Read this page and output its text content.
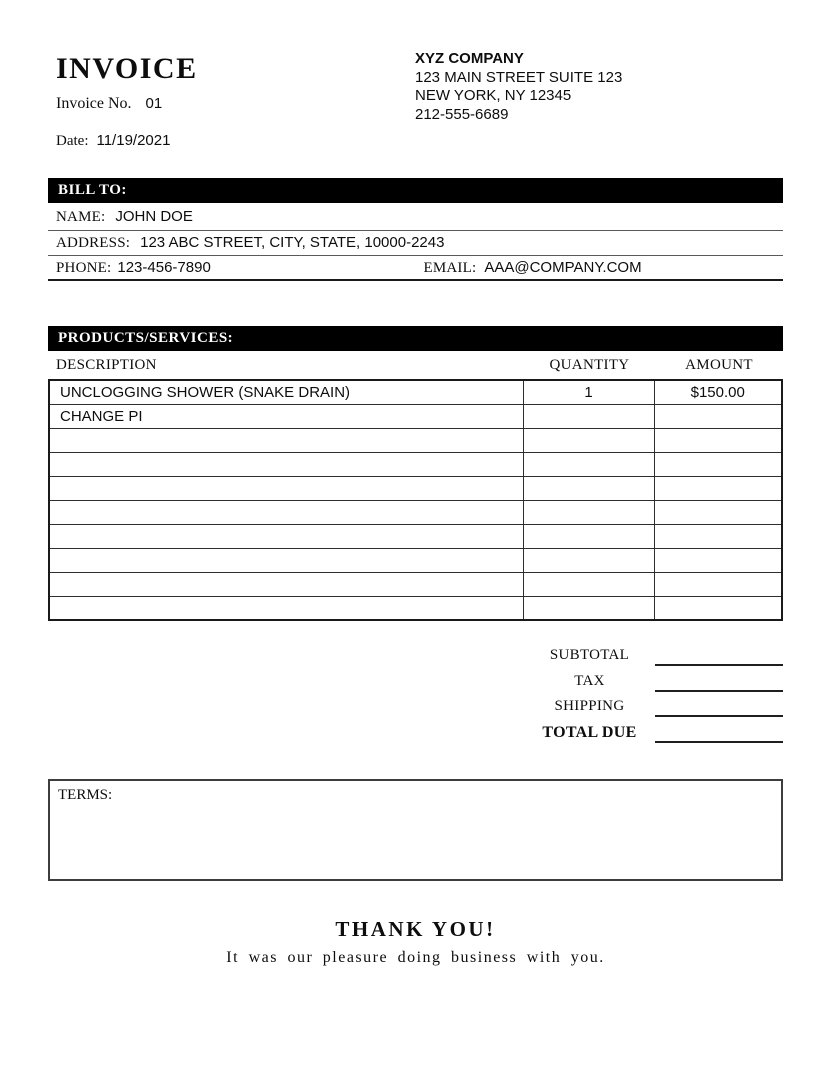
INVOICE
Invoice No. 01
Date: 11/19/2021
XYZ COMPANY
123 MAIN STREET SUITE 123
NEW YORK, NY 12345
212-555-6689
BILL TO:
NAME: JOHN DOE
ADDRESS: 123 ABC STREET, CITY, STATE, 10000-2243
PHONE: 123-456-7890	EMAIL: AAA@COMPANY.COM
PRODUCTS/SERVICES:
DESCRIPTION	QUANTITY	AMOUNT
UNCLOGGING SHOWER (SNAKE DRAIN)	1	$150.00
CHANGE PI		

SUBTOTAL
TAX
SHIPPING
TOTAL DUE
TERMS:
THANK YOU!
It was our pleasure doing business with you.
